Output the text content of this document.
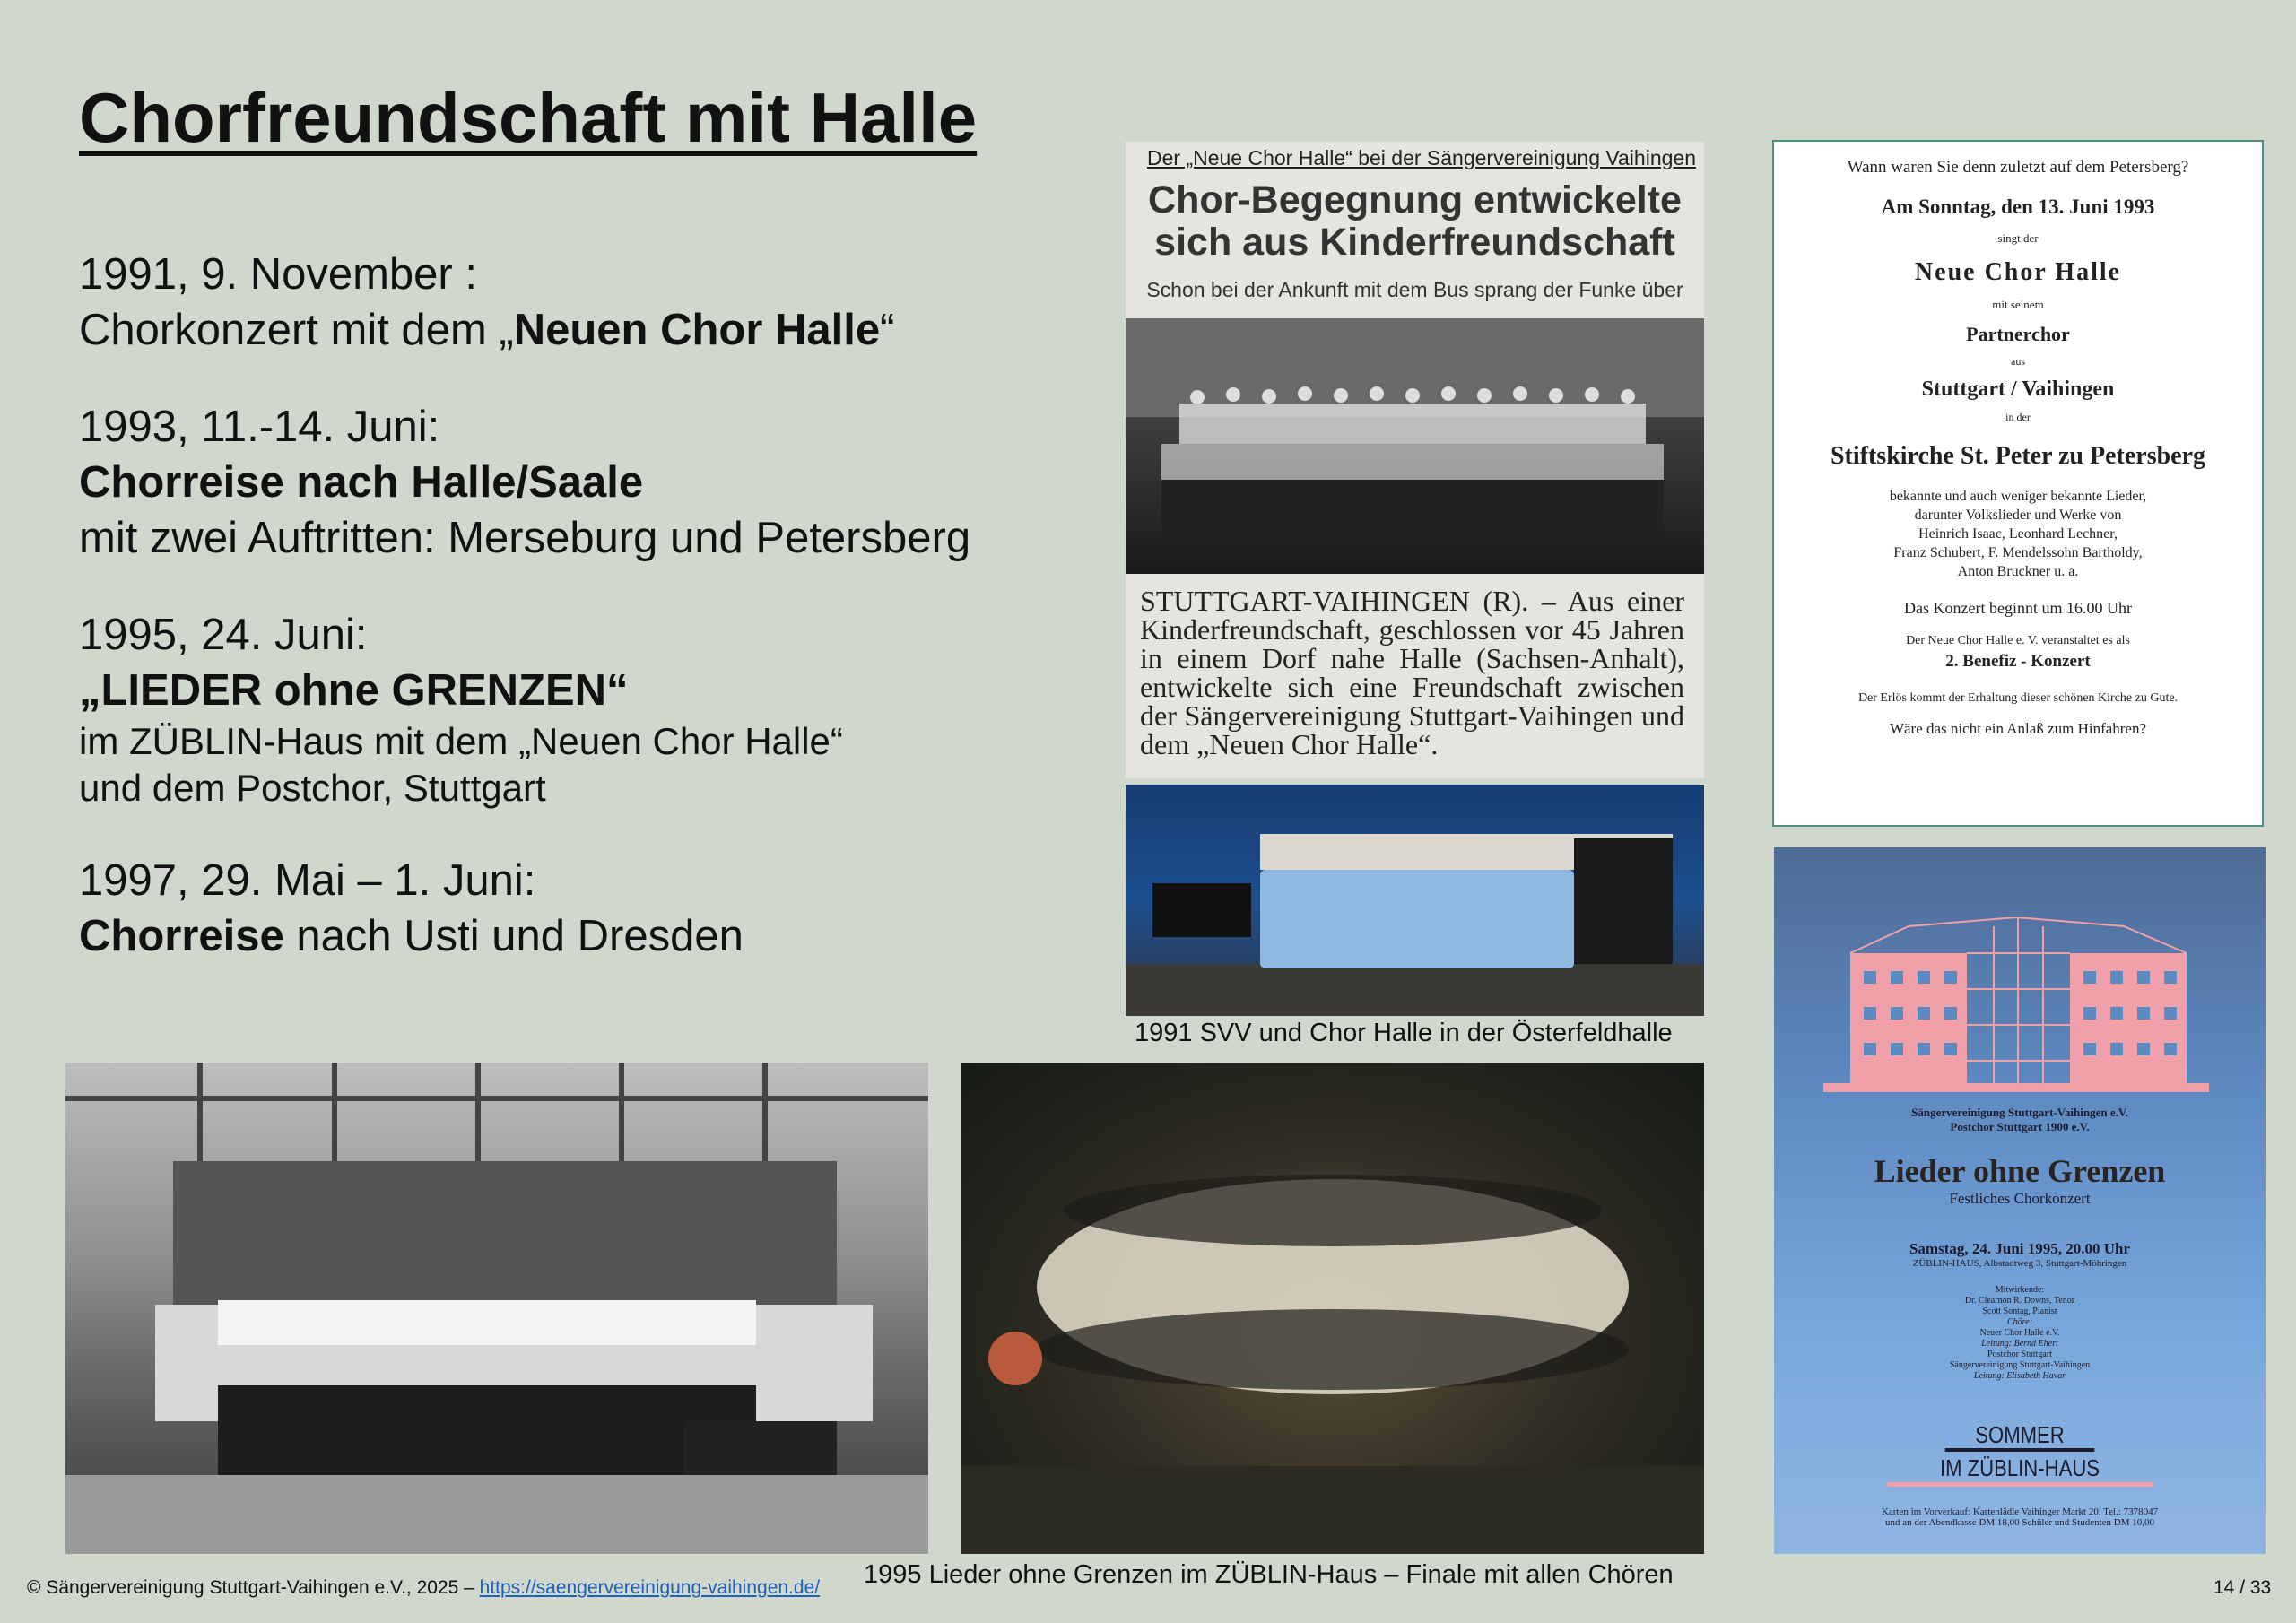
Chorfreundschaft mit Halle
1991, 9. November :
Chorkonzert mit dem „Neuen Chor Halle“
1993, 11.-14. Juni:
Chorreise nach Halle/Saale
mit zwei Auftritten: Merseburg und Petersberg
1995, 24. Juni:
„LIEDER ohne GRENZEN“
im ZÜBLIN-Haus mit dem „Neuen Chor Halle“
und dem Postchor, Stuttgart
1997, 29. Mai – 1. Juni:
Chorreise nach Usti und Dresden
Der „Neue Chor Halle“ bei der Sängervereinigung Vaihingen
Chor-Begegnung entwickelte
sich aus Kinderfreundschaft
Schon bei der Ankunft mit dem Bus sprang der Funke über
STUTTGART-VAIHINGEN (R). – Aus einer Kinderfreundschaft, geschlossen vor 45 Jahren in einem Dorf nahe Halle (Sachsen-Anhalt), entwickelte sich eine Freundschaft zwischen der Sängervereinigung Stuttgart-Vaihingen und dem „Neuen Chor Halle“.
1991 SVV und Chor Halle in der Österfeldhalle
1995 Lieder ohne Grenzen im ZÜBLIN-Haus – Finale mit allen Chören
Wann waren Sie denn zuletzt auf dem Petersberg?
Am Sonntag, den 13. Juni 1993
singt der
Neue Chor Halle
mit seinem
Partnerchor
aus
Stuttgart / Vaihingen
in der
Stiftskirche St. Peter zu Petersberg
bekannte und auch weniger bekannte Lieder,
darunter Volkslieder und Werke von
Heinrich Isaac, Leonhard Lechner,
Franz Schubert, F. Mendelssohn Bartholdy,
Anton Bruckner u. a.
Das Konzert beginnt um 16.00 Uhr
Der Neue Chor Halle e. V. veranstaltet es als
2. Benefiz - Konzert
Der Erlös kommt der Erhaltung dieser schönen Kirche zu Gute.
Wäre das nicht ein Anlaß zum Hinfahren?
Sängervereinigung Stuttgart-Vaihingen e.V.
Postchor Stuttgart 1900 e.V.
Lieder ohne Grenzen
Festliches Chorkonzert
Samstag, 24. Juni 1995, 20.00 Uhr
ZÜBLIN-HAUS, Albstadtweg 3, Stuttgart-Möhringen
Mitwirkende:
Dr. Clearnon R. Downs, Tenor
Scott Sontag, Pianist
Chöre:
Neuer Chor Halle e.V.
Leitung: Bernd Ehert
Postchor Stuttgart
Sängervereinigung Stuttgart-Vaihingen
Leitung: Elisabeth Havar
SOMMER
IM ZÜBLIN-HAUS
Karten im Vorverkauf: Kartenlädle Vaihinger Markt 20, Tel.: 7378047
und an der Abendkasse DM 18,00 Schüler und Studenten DM 10,00
© Sängervereinigung Stuttgart-Vaihingen e.V., 2025 – https://saengervereinigung-vaihingen.de/	14 / 33
